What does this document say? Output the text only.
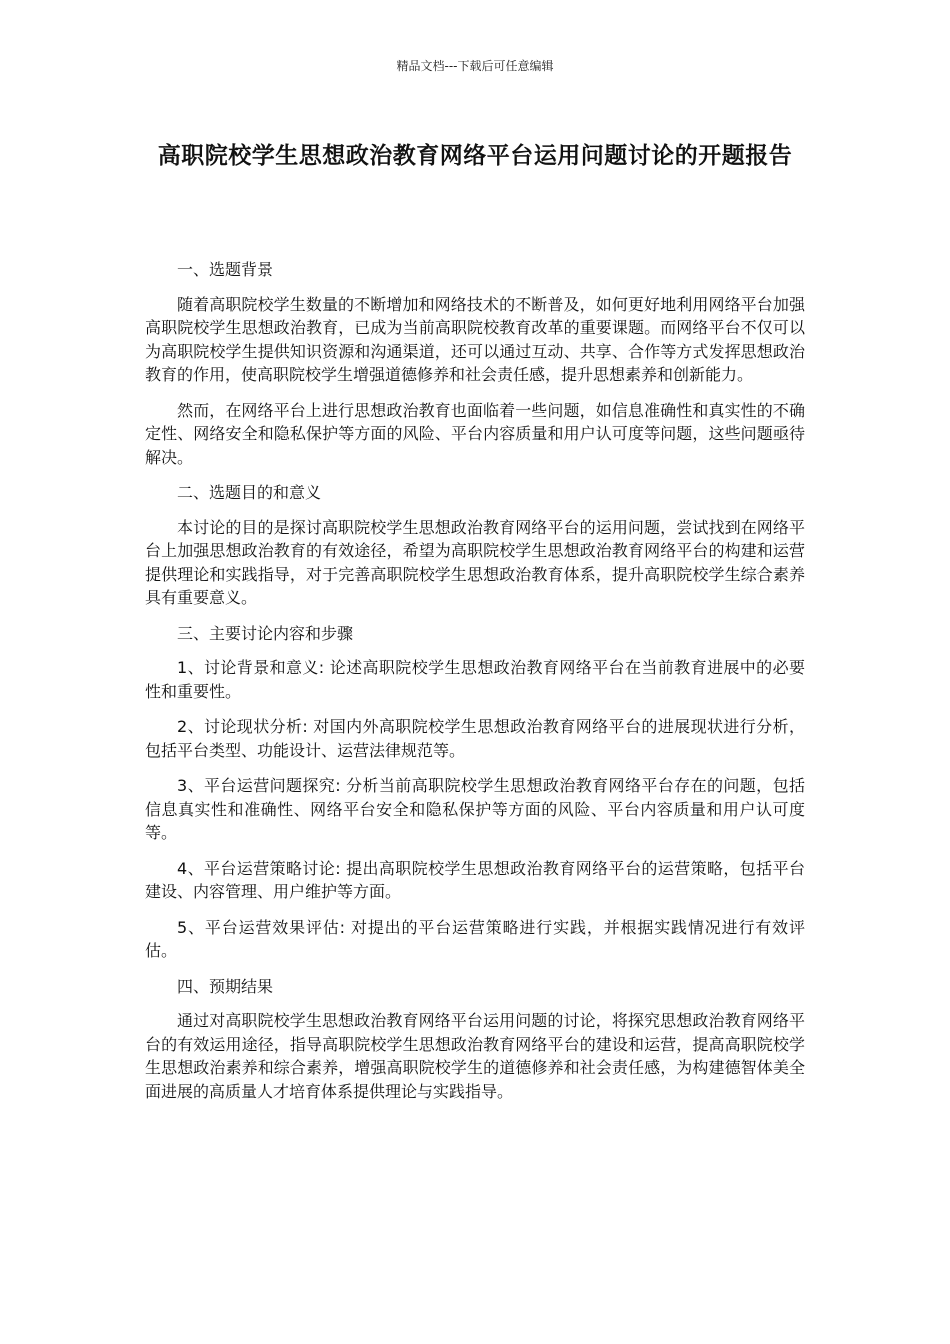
精品文档---下载后可任意编辑
高职院校学生思想政治教育网络平台运用问题讨论的开题报告

一、选题背景

随着高职院校学生数量的不断增加和网络技术的不断普及，如何更好地利用网络平台加强高职院校学生思想政治教育，已成为当前高职院校教育改革的重要课题。而网络平台不仅可以为高职院校学生提供知识资源和沟通渠道，还可以通过互动、共享、合作等方式发挥思想政治教育的作用，使高职院校学生增强道德修养和社会责任感，提升思想素养和创新能力。

然而，在网络平台上进行思想政治教育也面临着一些问题，如信息准确性和真实性的不确定性、网络安全和隐私保护等方面的风险、平台内容质量和用户认可度等问题，这些问题亟待解决。

二、选题目的和意义

本讨论的目的是探讨高职院校学生思想政治教育网络平台的运用问题，尝试找到在网络平台上加强思想政治教育的有效途径，希望为高职院校学生思想政治教育网络平台的构建和运营提供理论和实践指导，对于完善高职院校学生思想政治教育体系，提升高职院校学生综合素养具有重要意义。

三、主要讨论内容和步骤

1、讨论背景和意义: 论述高职院校学生思想政治教育网络平台在当前教育进展中的必要性和重要性。

2、讨论现状分析: 对国内外高职院校学生思想政治教育网络平台的进展现状进行分析，包括平台类型、功能设计、运营法律规范等。

3、平台运营问题探究: 分析当前高职院校学生思想政治教育网络平台存在的问题，包括信息真实性和准确性、网络平台安全和隐私保护等方面的风险、平台内容质量和用户认可度等。

4、平台运营策略讨论: 提出高职院校学生思想政治教育网络平台的运营策略，包括平台建设、内容管理、用户维护等方面。

5、平台运营效果评估: 对提出的平台运营策略进行实践，并根据实践情况进行有效评估。

四、预期结果

通过对高职院校学生思想政治教育网络平台运用问题的讨论，将探究思想政治教育网络平台的有效运用途径，指导高职院校学生思想政治教育网络平台的建设和运营，提高高职院校学生思想政治素养和综合素养，增强高职院校学生的道德修养和社会责任感，为构建德智体美全面进展的高质量人才培育体系提供理论与实践指导。
